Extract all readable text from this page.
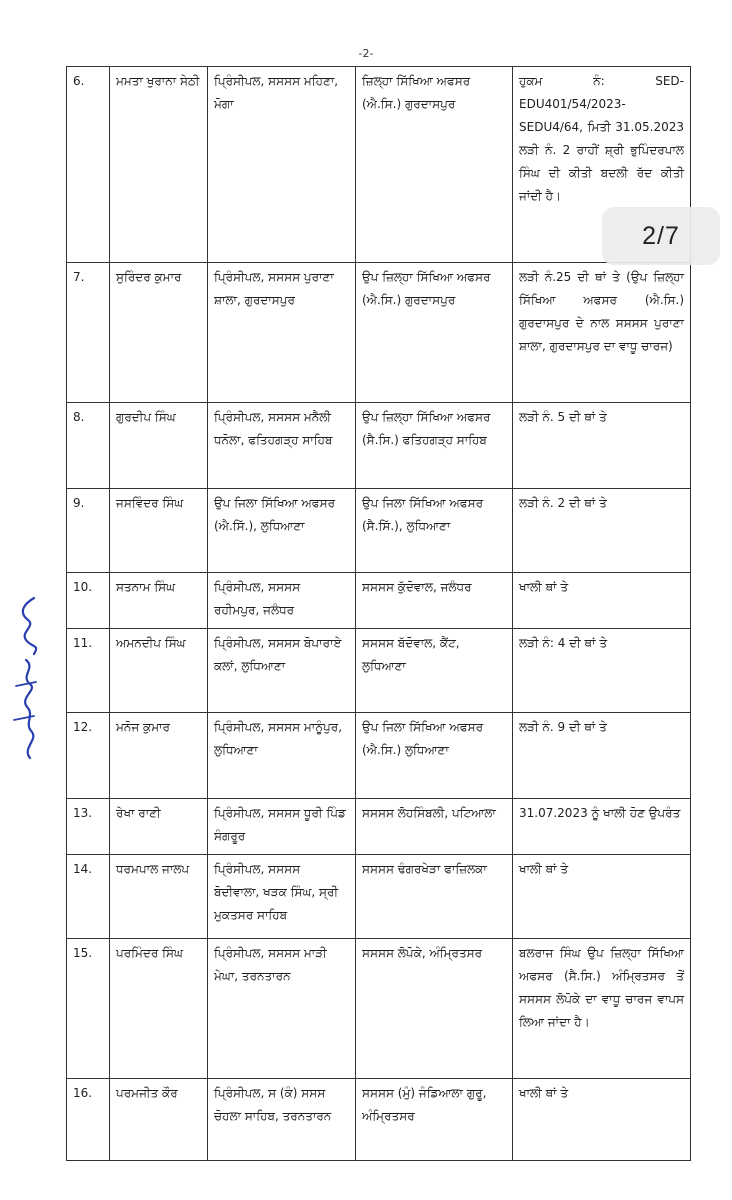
-2-
6.	ਮਮਤਾ ਖੁਰਾਨਾ ਸੇਠੀ	ਪ੍ਰਿੰਸੀਪਲ, ਸਸਸਸ ਮਹਿਣਾ, ਮੋਗਾ	ਜ਼ਿਲ੍ਹਾ ਸਿੱਖਿਆ ਅਫਸਰ (ਐ.ਸਿ.) ਗੁਰਦਾਸਪੁਰ	ਹੁਕਮ ਨੰ: SED-EDU401/54/2023-SEDU4/64, ਮਿਤੀ 31.05.2023 ਲੜੀ ਨੰ. 2 ਰਾਹੀਂ ਸ਼੍ਰੀ ਭੁਪਿੰਦਰਪਾਲ ਸਿੰਘ ਦੀ ਕੀਤੀ ਬਦਲੀ ਰੱਦ ਕੀਤੀ ਜਾਂਦੀ ਹੈ।
7.	ਸੁਰਿੰਦਰ ਕੁਮਾਰ	ਪ੍ਰਿੰਸੀਪਲ, ਸਸਸਸ ਪੁਰਾਣਾ ਸ਼ਾਲਾ, ਗੁਰਦਾਸਪੁਰ	ਉਪ ਜ਼ਿਲ੍ਹਾ ਸਿੱਖਿਆ ਅਫਸਰ (ਐ.ਸਿ.) ਗੁਰਦਾਸਪੁਰ	ਲੜੀ ਨੰ.25 ਦੀ ਥਾਂ ਤੇ (ਉਪ ਜ਼ਿਲ੍ਹਾ ਸਿੱਖਿਆ ਅਫਸਰ (ਐ.ਸਿ.) ਗੁਰਦਾਸਪੁਰ ਦੇ ਨਾਲ ਸਸਸਸ ਪੁਰਾਣਾ ਸ਼ਾਲਾ, ਗੁਰਦਾਸਪੁਰ ਦਾ ਵਾਧੂ ਚਾਰਜ)
8.	ਗੁਰਦੀਪ ਸਿੰਘ	ਪ੍ਰਿੰਸੀਪਲ, ਸਸਸਸ ਮਨੈਲੀ ਧਨੋਲਾ, ਫਤਿਹਗੜ੍ਹ ਸਾਹਿਬ	ਉਪ ਜ਼ਿਲ੍ਹਾ ਸਿੱਖਿਆ ਅਫਸਰ (ਸੈ.ਸਿ.) ਫਤਿਹਗੜ੍ਹ ਸਾਹਿਬ	ਲੜੀ ਨੰ. 5 ਦੀ ਥਾਂ ਤੇ
9.	ਜਸਵਿੰਦਰ ਸਿੰਘ	ਉਪ ਜਿਲਾ ਸਿੱਖਿਆ ਅਫਸਰ (ਐ.ਸਿੱ.), ਲੁਧਿਆਣਾ	ਉਪ ਜਿਲਾ ਸਿੱਖਿਆ ਅਫਸਰ (ਸੈ.ਸਿੱ.), ਲੁਧਿਆਣਾ	ਲੜੀ ਨੰ. 2 ਦੀ ਥਾਂ ਤੇ
10.	ਸਤਨਾਮ ਸਿੰਘ	ਪ੍ਰਿੰਸੀਪਲ, ਸਸਸਸ ਰਹੀਮਪੁਰ, ਜਲੰਧਰ	ਸਸਸਸ ਕੁੱਦੋਵਾਲ, ਜਲੰਧਰ	ਖਾਲੀ ਥਾਂ ਤੇ
11.	ਅਮਨਦੀਪ ਸਿੰਘ	ਪ੍ਰਿੰਸੀਪਲ, ਸਸਸਸ ਬੋਪਾਰਾਏ ਕਲਾਂ, ਲੁਧਿਆਣਾ	ਸਸਸਸ ਬੱਦੋਵਾਲ, ਕੈਂਟ, ਲੁਧਿਆਣਾ	ਲੜੀ ਨੰ: 4 ਦੀ ਥਾਂ ਤੇ
12.	ਮਨੋਜ ਕੁਮਾਰ	ਪ੍ਰਿੰਸੀਪਲ, ਸਸਸਸ ਮਾਨੂੰਪੁਰ, ਲੁਧਿਆਣਾ	ਉਪ ਜਿਲਾ ਸਿੱਖਿਆ ਅਫਸਰ (ਐ.ਸਿ.) ਲੁਧਿਆਣਾ	ਲੜੀ ਨੰ. 9 ਦੀ ਥਾਂ ਤੇ
13.	ਰੇਖਾ ਰਾਣੀ	ਪ੍ਰਿੰਸੀਪਲ, ਸਸਸਸ ਧੂਰੀ ਪਿੰਡ ਸੰਗਰੂਰ	ਸਸਸਸ ਲੋਹਸਿੰਬਲੀ, ਪਟਿਆਲਾ	31.07.2023 ਨੂੰ ਖਾਲੀ ਹੋਣ ਉਪਰੰਤ
14.	ਧਰਮਪਾਲ ਜਾਲਪ	ਪ੍ਰਿੰਸੀਪਲ, ਸਸਸਸ ਬੋਦੀਵਾਲਾ, ਖੜਕ ਸਿੰਘ, ਸ੍ਰੀ ਮੁਕਤਸਰ ਸਾਹਿਬ	ਸਸਸਸ ਢੰਗਰਖੇੜਾ ਫਾਜ਼ਿਲਕਾ	ਖਾਲੀ ਥਾਂ ਤੇ
15.	ਪਰਮਿੰਦਰ ਸਿੰਘ	ਪ੍ਰਿੰਸੀਪਲ, ਸਸਸਸ ਮਾੜੀ ਮੇਘਾ, ਤਰਨਤਾਰਨ	ਸਸਸਸ ਲੋਪੋਕੇ, ਅੰਮ੍ਰਿਤਸਰ	ਬਲਰਾਜ ਸਿੰਘ ਉਪ ਜ਼ਿਲ੍ਹਾ ਸਿੱਖਿਆ ਅਫਸਰ (ਸੈ.ਸਿ.) ਅੰਮ੍ਰਿਤਸਰ ਤੋਂ ਸਸਸਸ ਲੋਪੋਕੇ ਦਾ ਵਾਧੂ ਚਾਰਜ ਵਾਪਸ ਲਿਆ ਜਾਂਦਾ ਹੈ।
16.	ਪਰਮਜੀਤ ਕੌਰ	ਪ੍ਰਿੰਸੀਪਲ, ਸ (ਕੰ) ਸਸਸ ਚੋਹਲਾ ਸਾਹਿਬ, ਤਰਨਤਾਰਨ	ਸਸਸਸ (ਮੁੰ) ਜੰਡਿਆਲਾ ਗੁਰੂ, ਅੰਮ੍ਰਿਤਸਰ	ਖਾਲੀ ਥਾਂ ਤੇ
2/7
